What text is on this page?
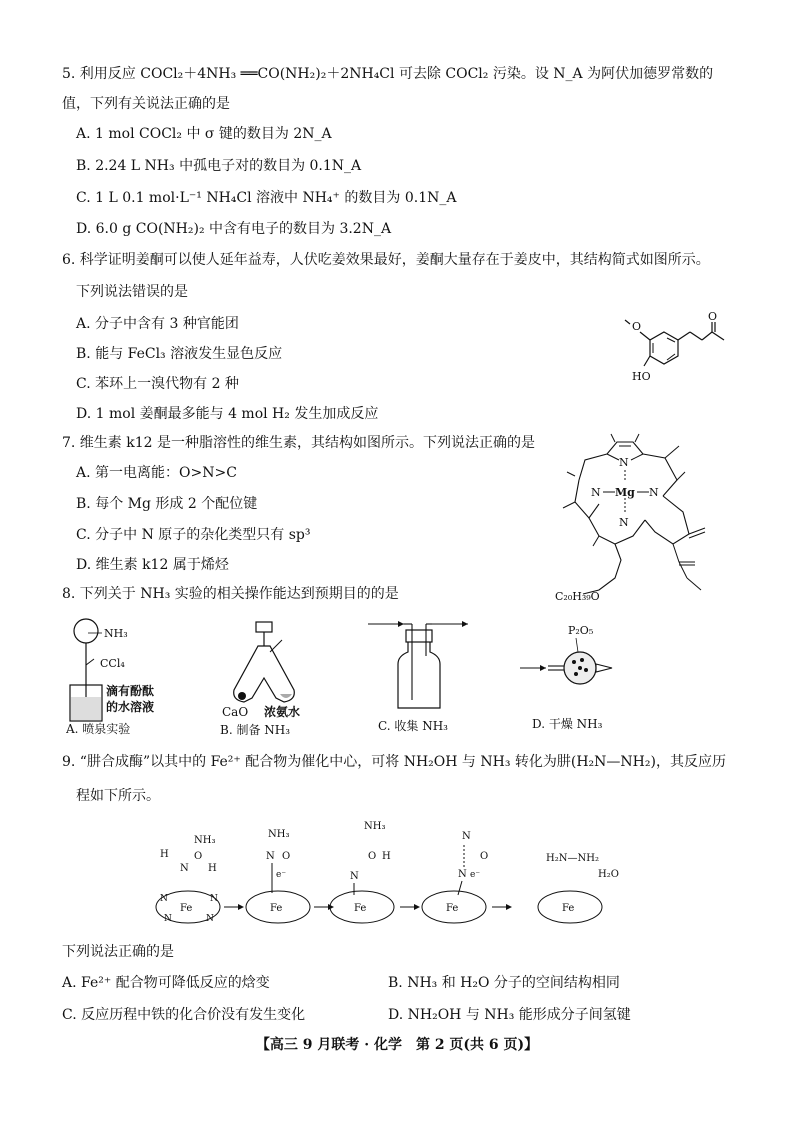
5. 利用反应 COCl₂＋4NH₃ ══CO(NH₂)₂＋2NH₄Cl 可去除 COCl₂ 污染。设 N_A 为阿伏加德罗常数的
值，下列有关说法正确的是
A. 1 mol COCl₂ 中 σ 键的数目为 2N_A
B. 2.24 L NH₃ 中孤电子对的数目为 0.1N_A
C. 1 L 0.1 mol·L⁻¹ NH₄Cl 溶液中 NH₄⁺ 的数目为 0.1N_A
D. 6.0 g CO(NH₂)₂ 中含有电子的数目为 3.2N_A
6. 科学证明姜酮可以使人延年益寿，人伏吃姜效果最好，姜酮大量存在于姜皮中，其结构简式如图所示。
下列说法错误的是
A. 分子中含有 3 种官能团
B. 能与 FeCl₃ 溶液发生显色反应
C. 苯环上一溴代物有 2 种
D. 1 mol 姜酮最多能与 4 mol H₂ 发生加成反应
O
HO
O
7. 维生素 k12 是一种脂溶性的维生素，其结构如图所示。下列说法正确的是
A. 第一电离能：O>N>C
B. 每个 Mg 形成 2 个配位键
C. 分子中 N 原子的杂化类型只有 sp³
D. 维生素 k12 属于烯烃
N
N Mg N
N
C₂₀H₃₉O
8. 下列关于 NH₃ 实验的相关操作能达到预期目的的是
NH₃
CCl₄
滴有酚酞
的水溶液
A. 喷泉实验
CaO 浓氨水
B. 制备 NH₃	C. 收集 NH₃
P₂O₅
D. 干燥 NH₃
9. “肼合成酶”以其中的 Fe²⁺ 配合物为催化中心，可将 NH₂OH 与 NH₃ 转化为肼(H₂N—NH₂)，其反应历
程如下所示。
NH₃
H
N
O
H
Fe
N	N
N	N
NH₃
N O
e⁻
Fe
NH₃
O H
N
Fe
N
O
N e⁻
Fe
H₂N—NH₂
H₂O
Fe
下列说法正确的是
A. Fe²⁺ 配合物可降低反应的焓变	B. NH₃ 和 H₂O 分子的空间结构相同
C. 反应历程中铁的化合价没有发生变化	D. NH₂OH 与 NH₃ 能形成分子间氢键
【高三 9 月联考 · 化学　第 2 页(共 6 页)】
